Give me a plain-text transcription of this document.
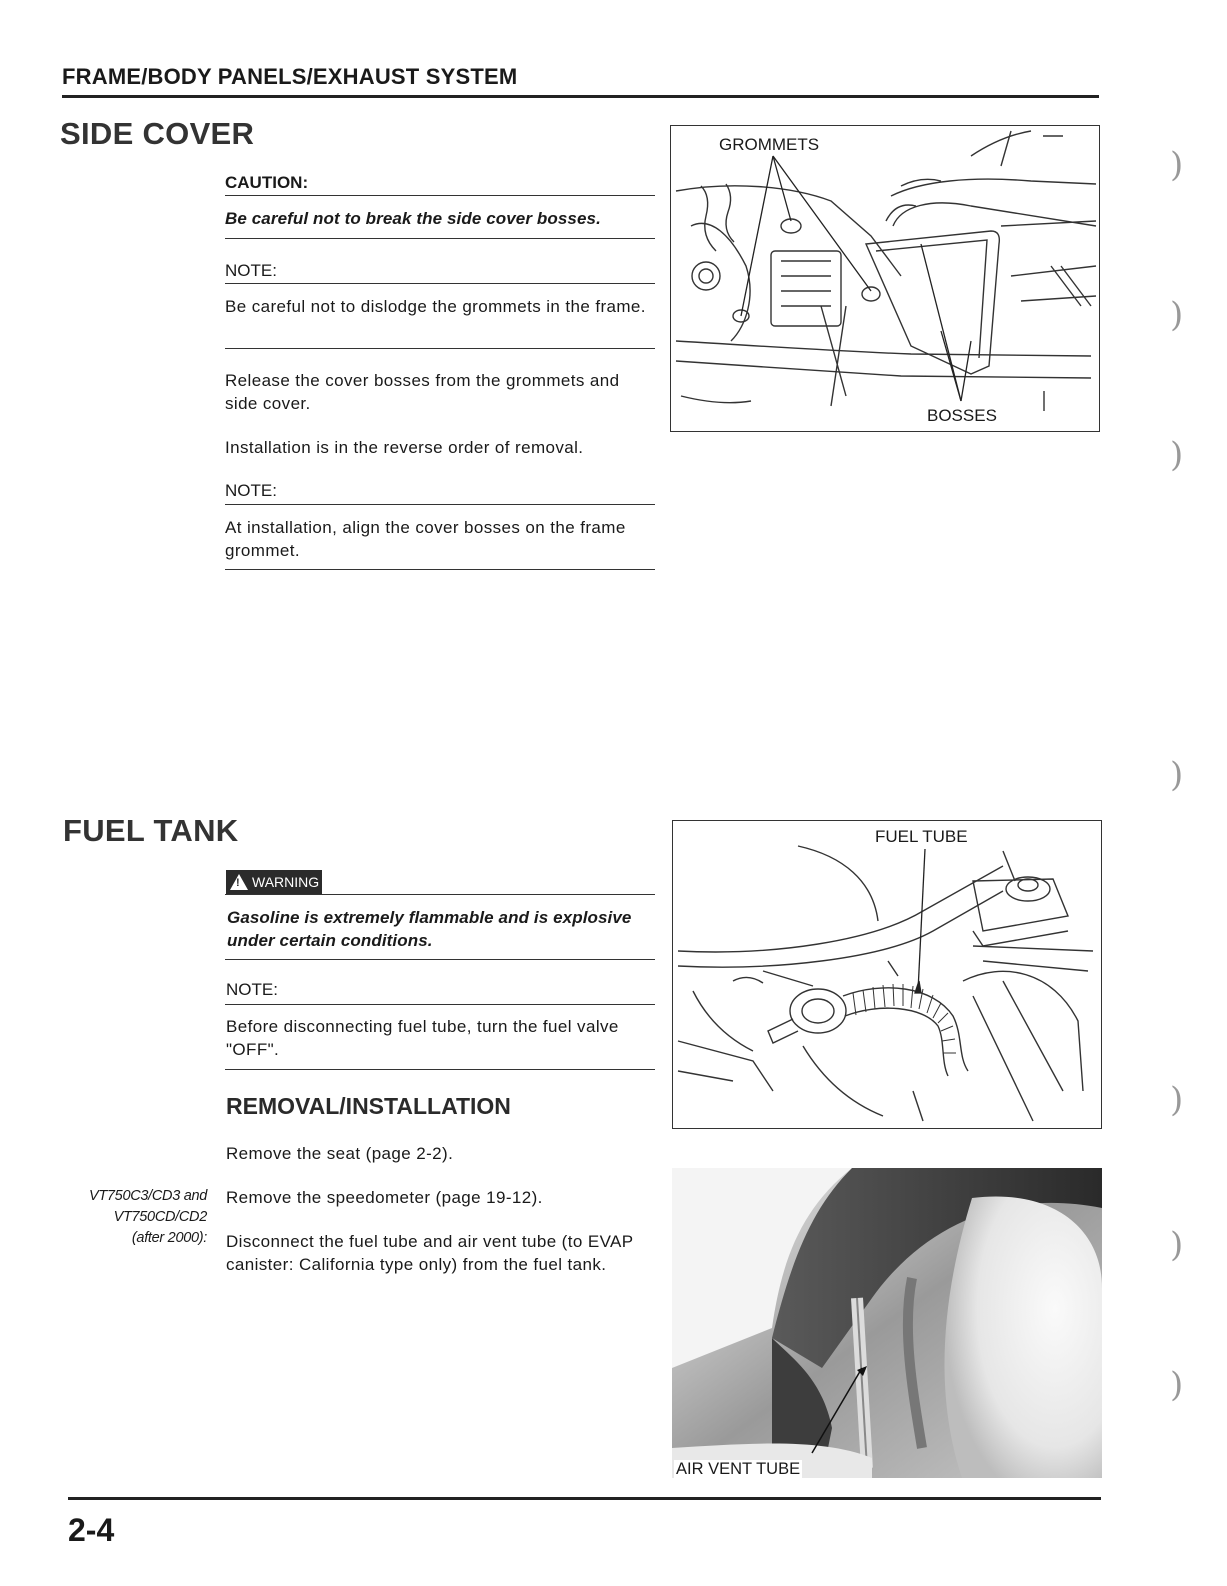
FRAME/BODY PANELS/EXHAUST SYSTEM
SIDE COVER
CAUTION:
Be careful not to break the side cover bosses.
NOTE:
Be careful not to dislodge the grommets in the frame.
Release the cover bosses from the grommets and side cover.
Installation is in the reverse order of removal.
NOTE:
At installation, align the cover bosses on the frame grommet.
GROMMETS
BOSSES
FUEL TANK
! WARNING
Gasoline is extremely flammable and is explosive under certain conditions.
NOTE:
Before disconnecting fuel tube, turn the fuel valve "OFF".
REMOVAL/INSTALLATION
Remove the seat (page 2-2).
VT750C3/CD3 and
VT750CD/CD2
(after 2000):
Remove the speedometer (page 19-12).
Disconnect the fuel tube and air vent tube (to EVAP canister: California type only) from the fuel tank.
FUEL TUBE
AIR VENT TUBE
)
)
)
)
)
)
)
2-4
